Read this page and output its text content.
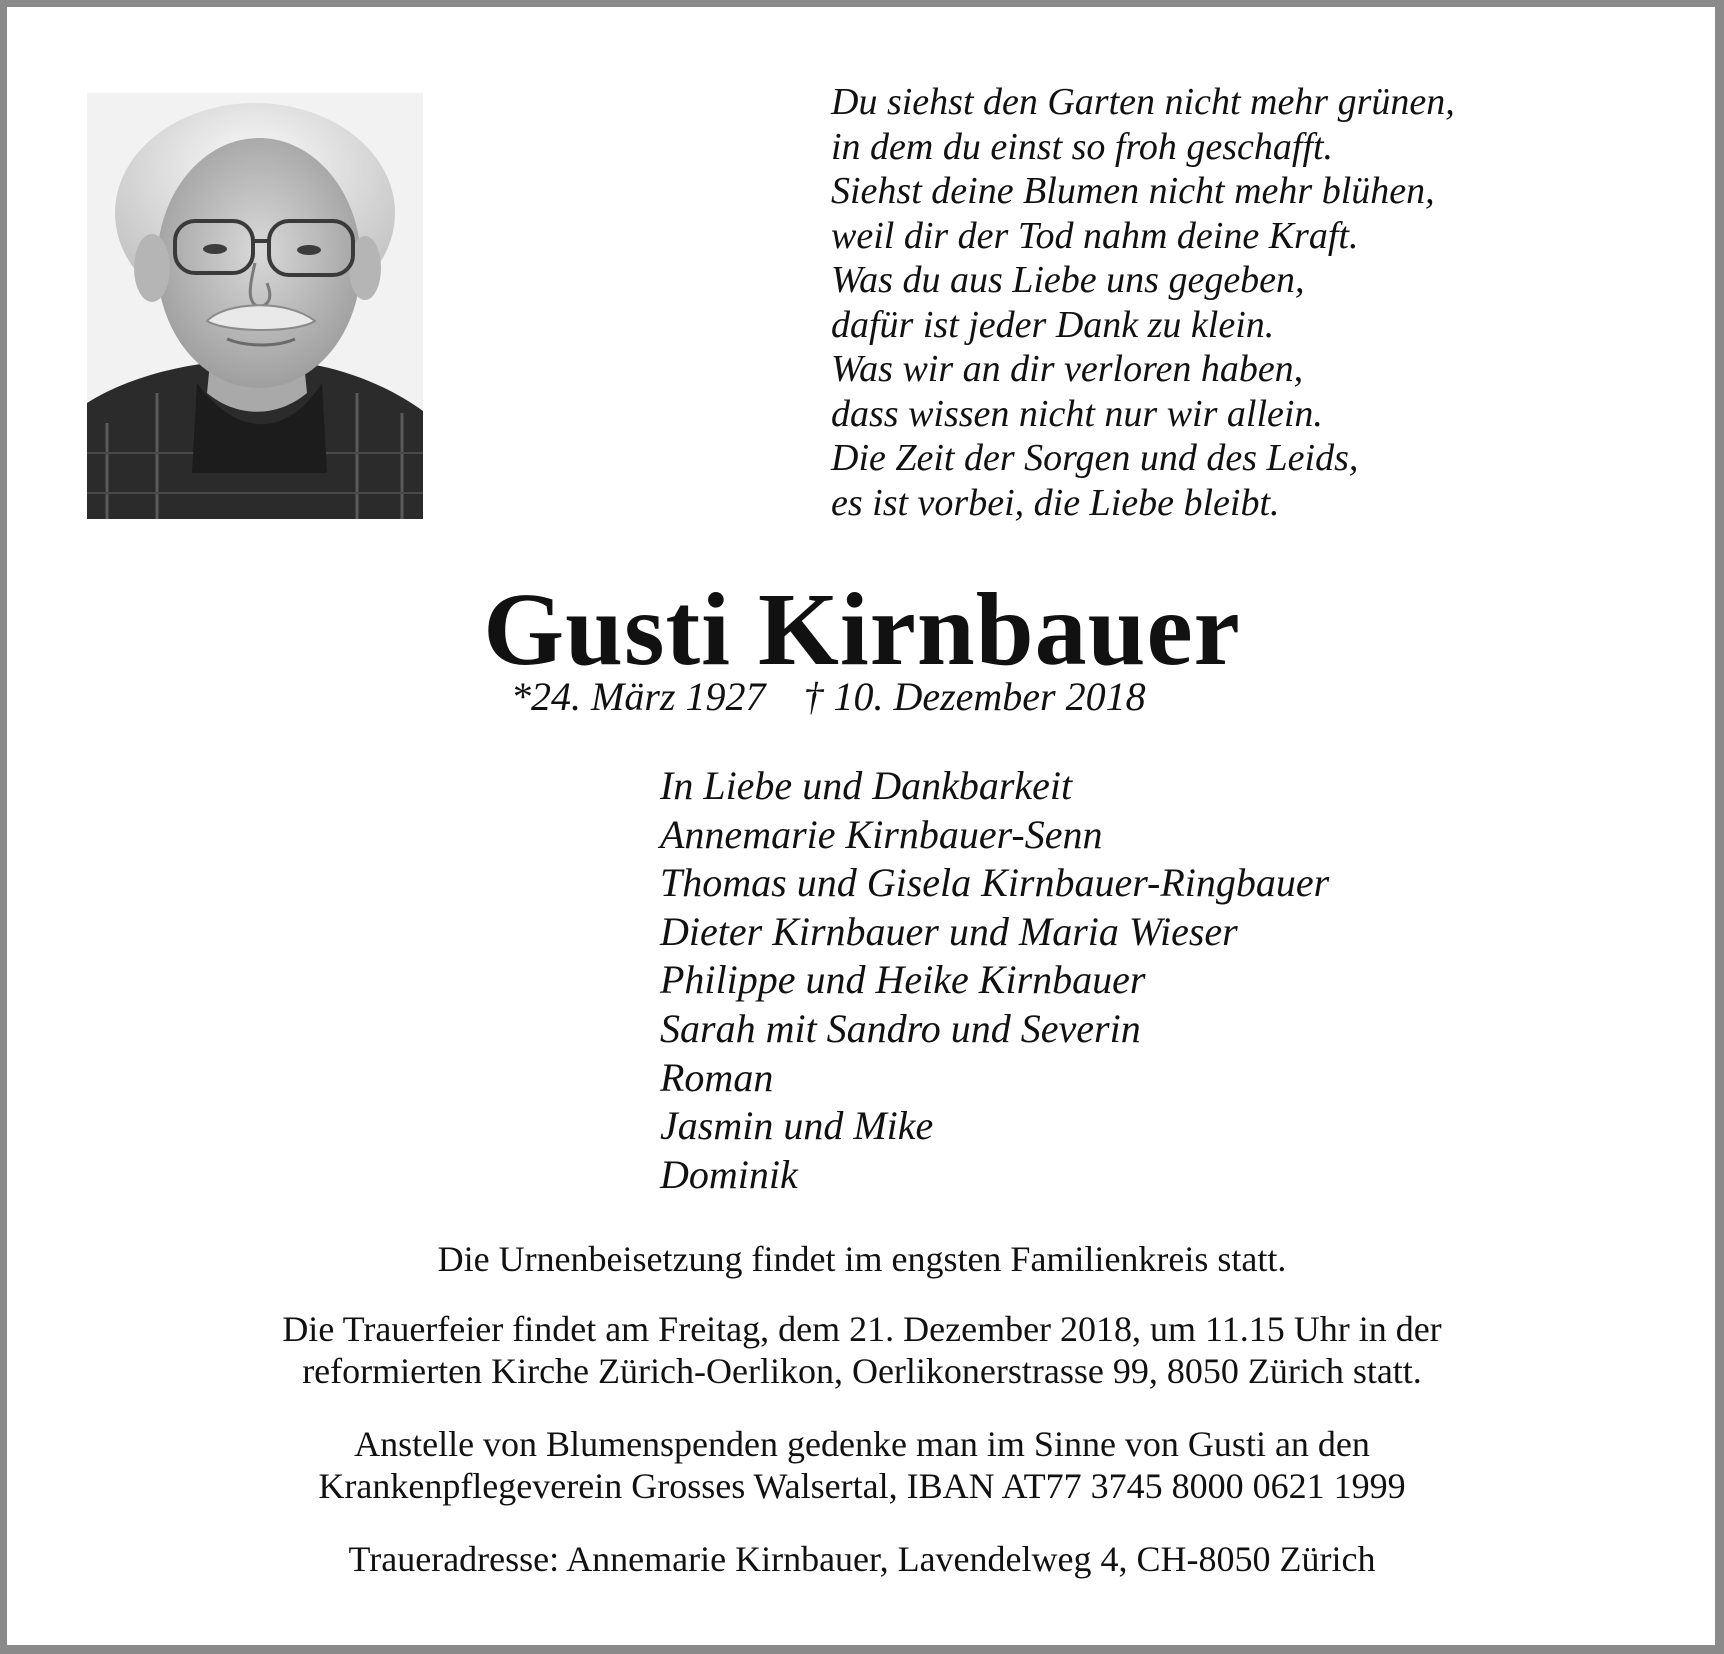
Du siehst den Garten nicht mehr grünen,
in dem du einst so froh geschafft.
Siehst deine Blumen nicht mehr blühen,
weil dir der Tod nahm deine Kraft.
Was du aus Liebe uns gegeben,
dafür ist jeder Dank zu klein.
Was wir an dir verloren haben,
dass wissen nicht nur wir allein.
Die Zeit der Sorgen und des Leids,
es ist vorbei, die Liebe bleibt.
Gusti Kirnbauer
*24. März 1927 † 10. Dezember 2018
In Liebe und Dankbarkeit
Annemarie Kirnbauer-Senn
Thomas und Gisela Kirnbauer-Ringbauer
Dieter Kirnbauer und Maria Wieser
Philippe und Heike Kirnbauer
Sarah mit Sandro und Severin
Roman
Jasmin und Mike
Dominik
Die Urnenbeisetzung findet im engsten Familienkreis statt.
Die Trauerfeier findet am Freitag, dem 21. Dezember 2018, um 11.15 Uhr in der
reformierten Kirche Zürich-Oerlikon, Oerlikonerstrasse 99, 8050 Zürich statt.
Anstelle von Blumenspenden gedenke man im Sinne von Gusti an den
Krankenpflegeverein Grosses Walsertal, IBAN AT77 3745 8000 0621 1999
Traueradresse: Annemarie Kirnbauer, Lavendelweg 4, CH-8050 Zürich
